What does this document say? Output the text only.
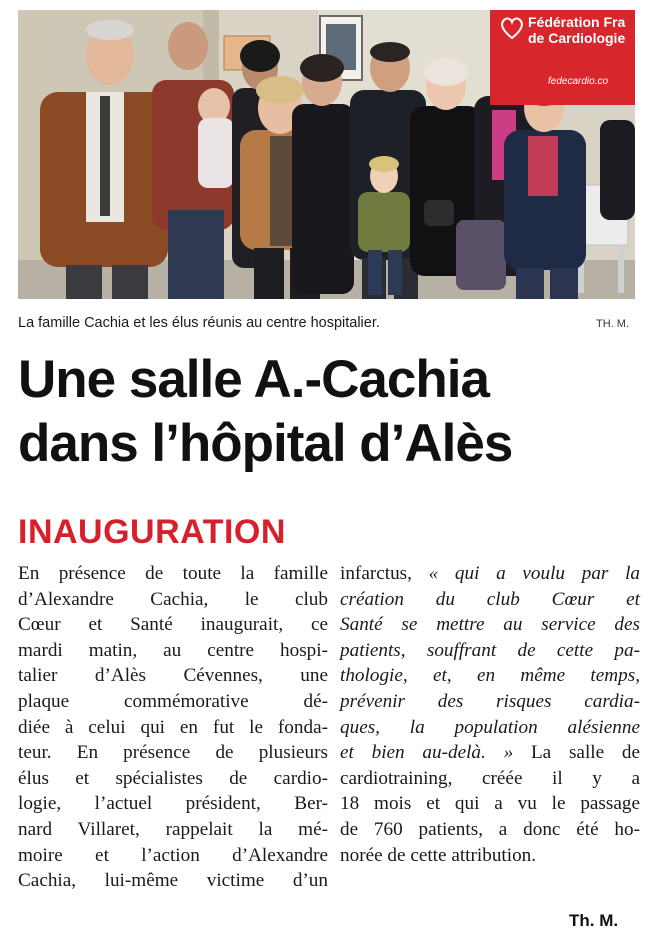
Fédération Fra
de Cardiologie
fedecardio.co
La famille Cachia et les élus réunis au centre hospitalier.	TH. M.
Une salle A.-Cachia
dans l’hôpital d’Alès
INAUGURATION
En présence de toute la famille
d’Alexandre Cachia, le club
Cœur et Santé inaugurait, ce
mardi matin, au centre hospi-
talier d’Alès Cévennes, une
plaque commémorative dé-
diée à celui qui en fut le fonda-
teur. En présence de plusieurs
élus et spécialistes de cardio-
logie, l’actuel président, Ber-
nard Villaret, rappelait la mé-
moire et l’action d’Alexandre
Cachia, lui-même victime d’un
infarctus, « qui a voulu par la
création du club Cœur et
Santé se mettre au service des
patients, souffrant de cette pa-
thologie, et, en même temps,
prévenir des risques cardia-
ques, la population alésienne
et bien au-delà. » La salle de
cardiotraining, créée il y a
18 mois et qui a vu le passage
de 760 patients, a donc été ho-
norée de cette attribution.
Th. M.
